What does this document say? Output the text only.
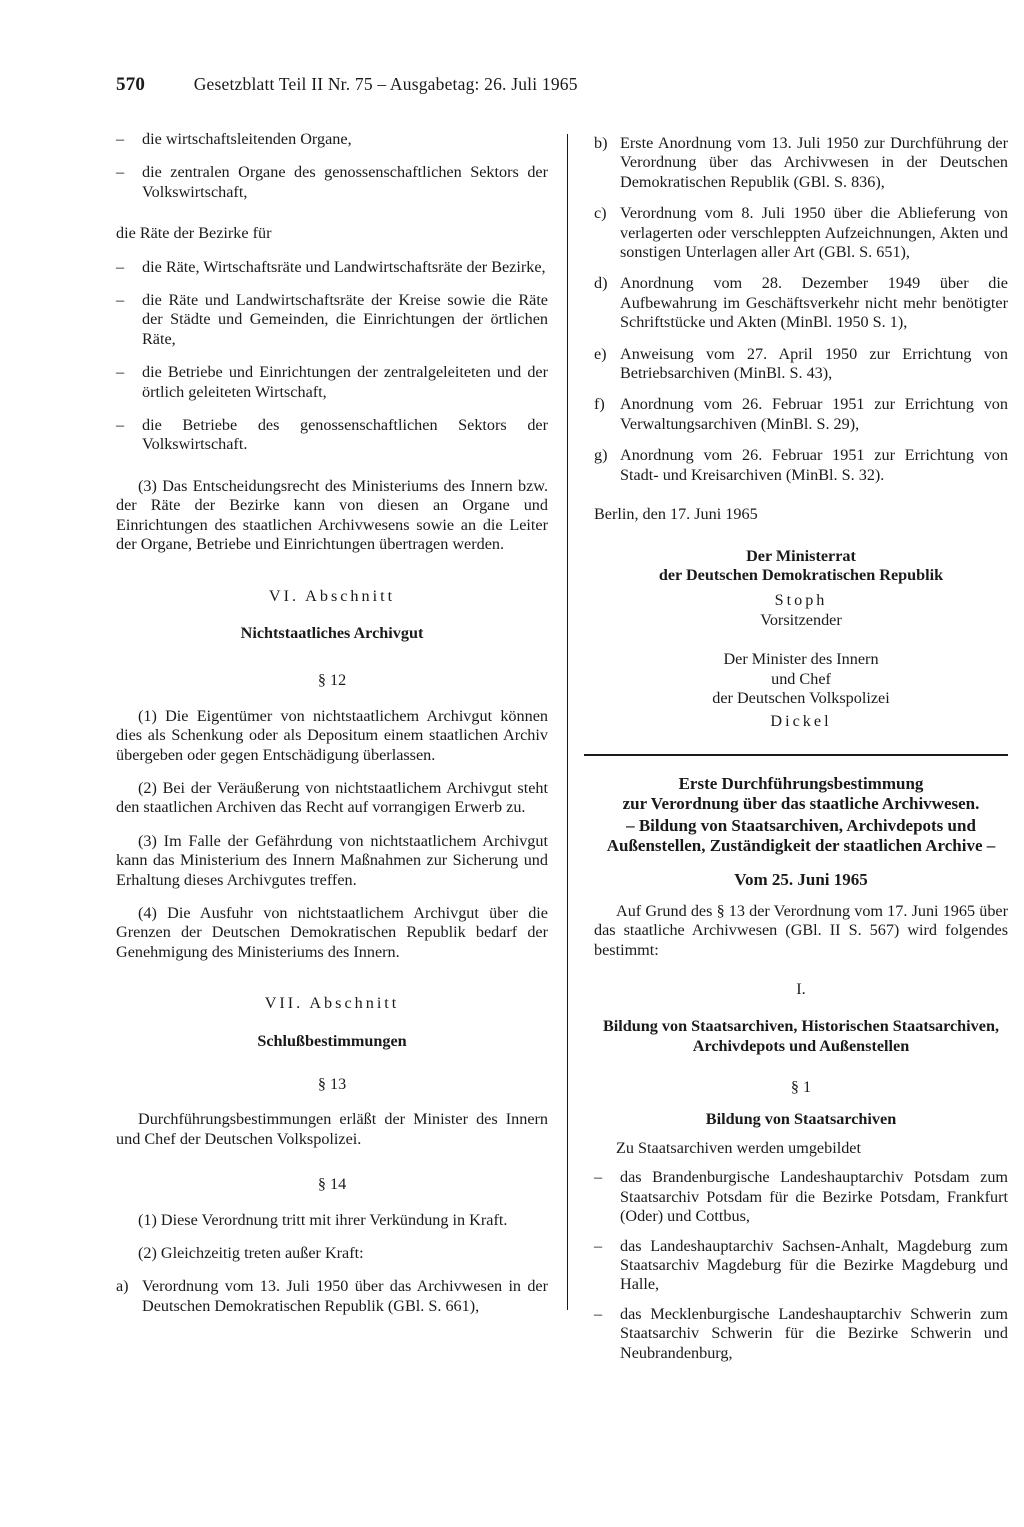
570	Gesetzblatt Teil II Nr. 75 – Ausgabetag: 26. Juli 1965
–	die wirtschaftsleitenden Organe,
–	die zentralen Organe des genossenschaftlichen Sektors der Volkswirtschaft,

die Räte der Bezirke für

–	die Räte, Wirtschaftsräte und Landwirtschaftsräte der Bezirke,
–	die Räte und Landwirtschaftsräte der Kreise sowie die Räte der Städte und Gemeinden, die Einrichtungen der örtlichen Räte,
–	die Betriebe und Einrichtungen der zentralgeleiteten und der örtlich geleiteten Wirtschaft,
–	die Betriebe des genossenschaftlichen Sektors der Volkswirtschaft.

(3) Das Entscheidungsrecht des Ministeriums des Innern bzw. der Räte der Bezirke kann von diesen an Organe und Einrichtungen des staatlichen Archivwesens sowie an die Leiter der Organe, Betriebe und Einrichtungen übertragen werden.

VI. Abschnitt
Nichtstaatliches Archivgut
§ 12

(1) Die Eigentümer von nichtstaatlichem Archivgut können dies als Schenkung oder als Depositum einem staatlichen Archiv übergeben oder gegen Entschädigung überlassen.

(2) Bei der Veräußerung von nichtstaatlichem Archivgut steht den staatlichen Archiven das Recht auf vorrangigen Erwerb zu.

(3) Im Falle der Gefährdung von nichtstaatlichem Archivgut kann das Ministerium des Innern Maßnahmen zur Sicherung und Erhaltung dieses Archivgutes treffen.

(4) Die Ausfuhr von nichtstaatlichem Archivgut über die Grenzen der Deutschen Demokratischen Republik bedarf der Genehmigung des Ministeriums des Innern.

VII. Abschnitt
Schlußbestimmungen
§ 13

Durchführungsbestimmungen erläßt der Minister des Innern und Chef der Deutschen Volkspolizei.

§ 14

(1) Diese Verordnung tritt mit ihrer Verkündung in Kraft.

(2) Gleichzeitig treten außer Kraft:

a) Verordnung vom 13. Juli 1950 über das Archivwesen in der Deutschen Demokratischen Republik (GBl. S. 661),
b) Erste Anordnung vom 13. Juli 1950 zur Durchführung der Verordnung über das Archivwesen in der Deutschen Demokratischen Republik (GBl. S. 836),
c) Verordnung vom 8. Juli 1950 über die Ablieferung von verlagerten oder verschleppten Aufzeichnungen, Akten und sonstigen Unterlagen aller Art (GBl. S. 651),
d) Anordnung vom 28. Dezember 1949 über die Aufbewahrung im Geschäftsverkehr nicht mehr benötigter Schriftstücke und Akten (MinBl. 1950 S. 1),
e) Anweisung vom 27. April 1950 zur Errichtung von Betriebsarchiven (MinBl. S. 43),
f) Anordnung vom 26. Februar 1951 zur Errichtung von Verwaltungsarchiven (MinBl. S. 29),
g) Anordnung vom 26. Februar 1951 zur Errichtung von Stadt- und Kreisarchiven (MinBl. S. 32).

Berlin, den 17. Juni 1965

Der Ministerrat
der Deutschen Demokratischen Republik
Stoph
Vorsitzender
Der Minister des Innern
und Chef
der Deutschen Volkspolizei
Dickel
Erste Durchführungsbestimmung
zur Verordnung über das staatliche Archivwesen.
– Bildung von Staatsarchiven, Archivdepots und Außenstellen, Zuständigkeit der staatlichen Archive –
Vom 25. Juni 1965

Auf Grund des § 13 der Verordnung vom 17. Juni 1965 über das staatliche Archivwesen (GBl. II S. 567) wird folgendes bestimmt:

I.
Bildung von Staatsarchiven, Historischen Staatsarchiven, Archivdepots und Außenstellen
§ 1
Bildung von Staatsarchiven

Zu Staatsarchiven werden umgebildet

–	das Brandenburgische Landeshauptarchiv Potsdam zum Staatsarchiv Potsdam für die Bezirke Potsdam, Frankfurt (Oder) und Cottbus,
–	das Landeshauptarchiv Sachsen-Anhalt, Magdeburg zum Staatsarchiv Magdeburg für die Bezirke Magdeburg und Halle,
–	das Mecklenburgische Landeshauptarchiv Schwerin zum Staatsarchiv Schwerin für die Bezirke Schwerin und Neubrandenburg,
